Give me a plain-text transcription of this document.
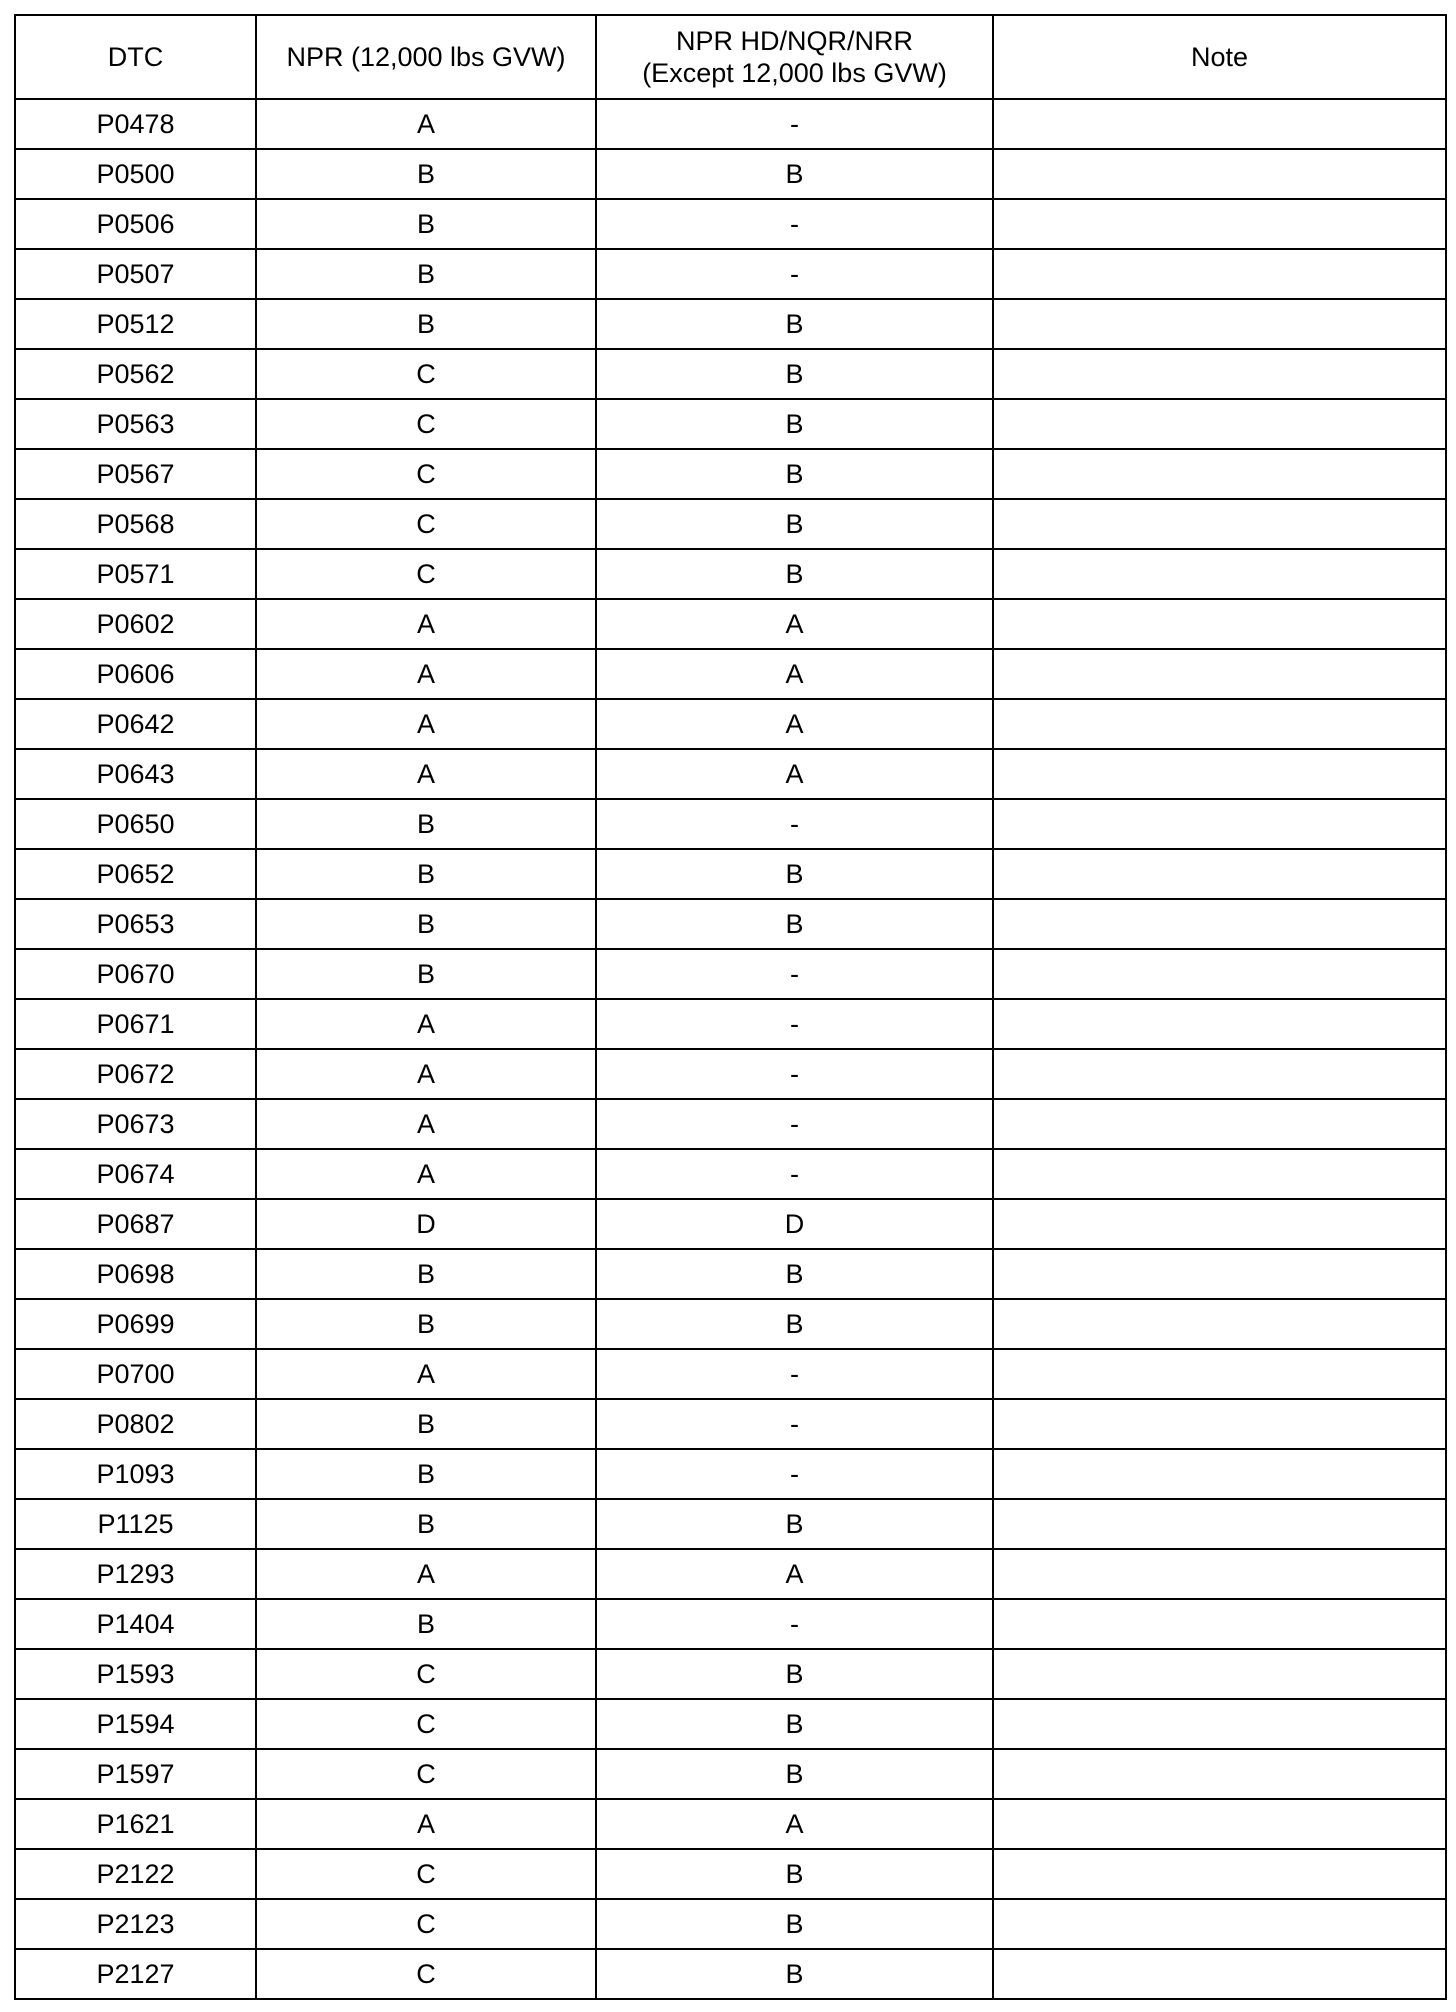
DTC	NPR (12,000 lbs GVW)	NPR HD/NQR/NRR
(Except 12,000 lbs GVW)	Note
P0478	A	-	
P0500	B	B	
P0506	B	-	
P0507	B	-	
P0512	B	B	
P0562	C	B	
P0563	C	B	
P0567	C	B	
P0568	C	B	
P0571	C	B	
P0602	A	A	
P0606	A	A	
P0642	A	A	
P0643	A	A	
P0650	B	-	
P0652	B	B	
P0653	B	B	
P0670	B	-	
P0671	A	-	
P0672	A	-	
P0673	A	-	
P0674	A	-	
P0687	D	D	
P0698	B	B	
P0699	B	B	
P0700	A	-	
P0802	B	-	
P1093	B	-	
P1125	B	B	
P1293	A	A	
P1404	B	-	
P1593	C	B	
P1594	C	B	
P1597	C	B	
P1621	A	A	
P2122	C	B	
P2123	C	B	
P2127	C	B	
